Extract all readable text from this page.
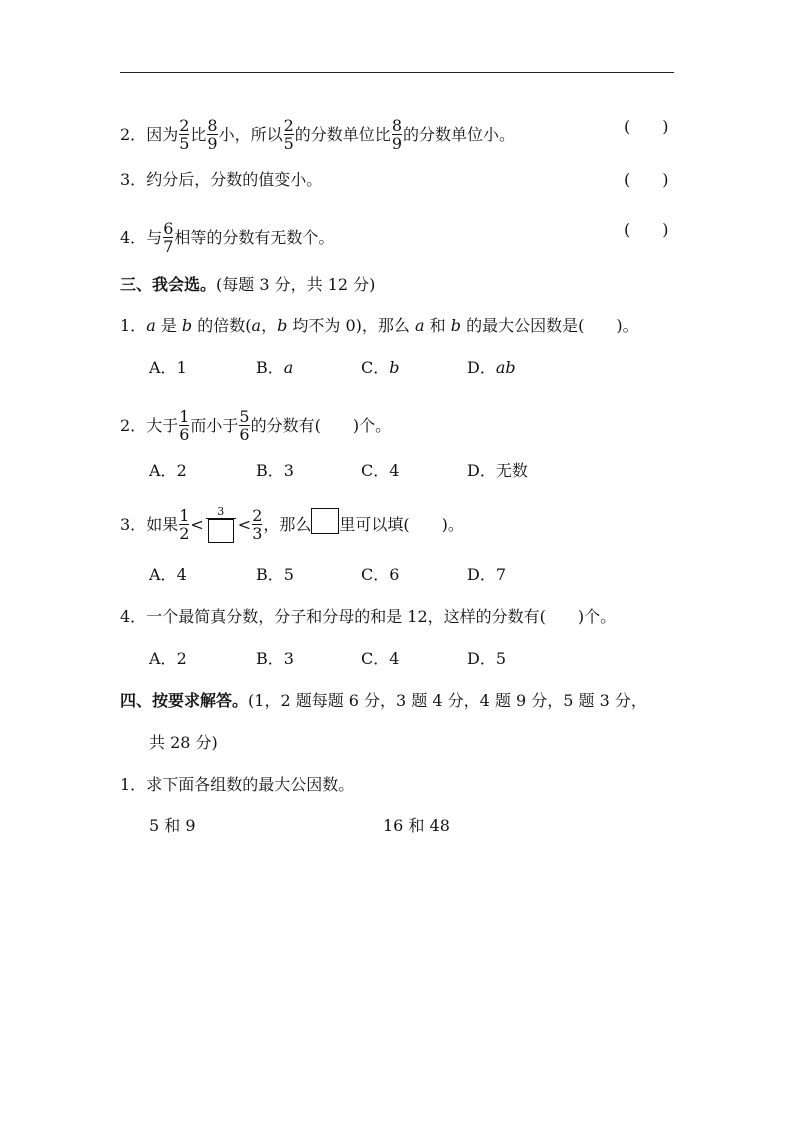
2． 因为 $\frac{2}{5}$ 比 $\frac{8}{9}$ 小，所以 $\frac{2}{5}$ 的分数单位比 $\frac{8}{9}$ 的分数单位小。	(　　)
3． 约分后，分数的值变小。	(　　)
4． 与 $\frac{6}{7}$ 相等的分数有无数个。	(　　)
三、我会选。 (每题 3 分，共 12 分)
1． a 是 b 的倍数( a ， b 均不为 0)，那么 a 和 b 的最大公因数是(　　)。
A．1	B．a	C．b	D．ab
2． 大于 $\frac{1}{6}$ 而小于 $\frac{5}{6}$ 的分数有(　　)个。
A．2	B．3	C．4	D．无数
3． 如果 $\frac{1}{2}$ <
3
< $\frac{2}{3}$ ，那么 里可以填(　　)。
A．4	B．5	C．6	D．7
4． 一个最简真分数，分子和分母的和是 12，这样的分数有(　　)个。
A．2	B．3	C．4	D．5
四、按要求解答。 (1，2 题每题 6 分，3 题 4 分，4 题 9 分，5 题 3 分，
共 28 分)
1． 求下面各组数的最大公因数。
5 和 9	16 和 48
